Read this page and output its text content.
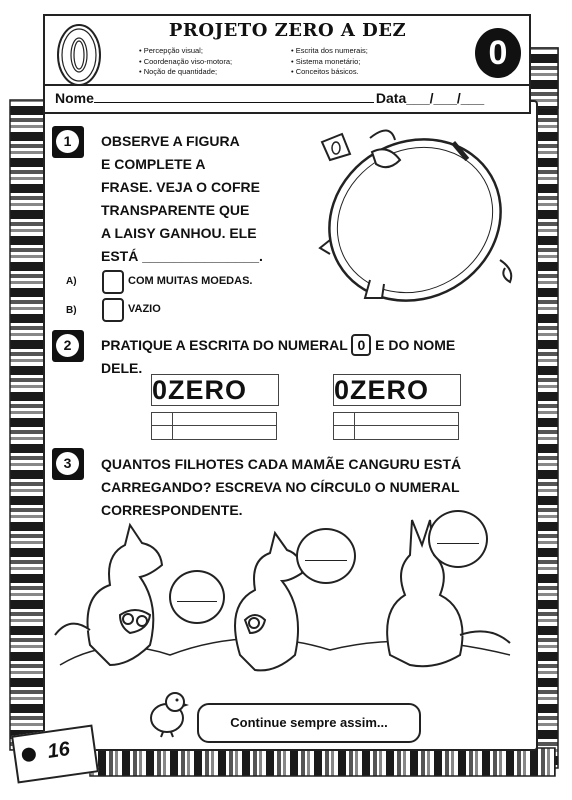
PROJETO ZERO A DEZ
• Percepção visual;
• Coordenação viso-motora;
• Noção de quantidade;
• Escrita dos numerais;
• Sistema monetário;
• Conceitos básicos.	0
Nome	Data___/___/___
1	OBSERVE A FIGURA
E COMPLETE A
FRASE. VEJA O COFRE
TRANSPARENTE QUE
A LAISY GANHOU. ELE
ESTÁ _______________.
A)	COM MUITAS MOEDAS.
B)	VAZIO
2	PRATIQUE A ESCRITA DO NUMERAL 0 E DO NOME
DELE.
0ZERO	0ZERO
3	QUANTOS FILHOTES CADA MAMÃE CANGURU ESTÁ
CARREGANDO? ESCREVA NO CÍRCUL0 O NUMERAL
CORRESPONDENTE.
Continue sempre assim...
16
